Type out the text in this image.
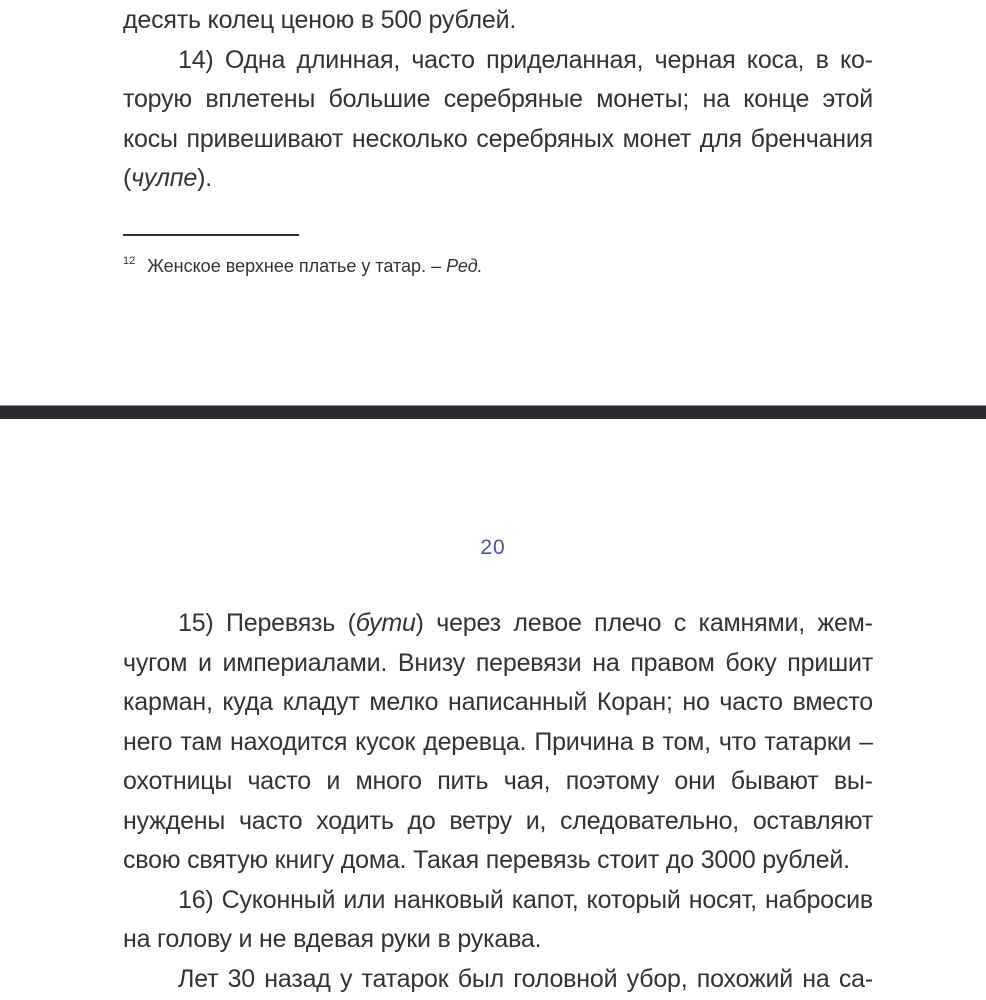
десять колец ценою в 500 рублей.

14) Одна длинная, часто приделанная, черная коса, в которую вплетены большие серебряные монеты; на конце этой косы привешивают несколько серебряных монет для бренчания (чулпе).

$^{12}$ Женское верхнее платье у татар. – Ред.
20

15) Перевязь (бути) через левое плечо с камнями, жемчугом и империалами. Внизу перевязи на правом боку пришит карман, куда кладут мелко написанный Коран; но часто вместо него там находится кусок деревца. Причина в том, что татарки – охотницы часто и много пить чая, поэтому они бывают вынуждены часто ходить до ветру и, следовательно, оставляют свою святую книгу дома. Такая перевязь стоит до 3000 рублей.

16) Суконный или нанковый капот, который носят, набросив на голову и не вдевая руки в рукава.

Лет 30 назад у татарок был головной убор, похожий на са-
